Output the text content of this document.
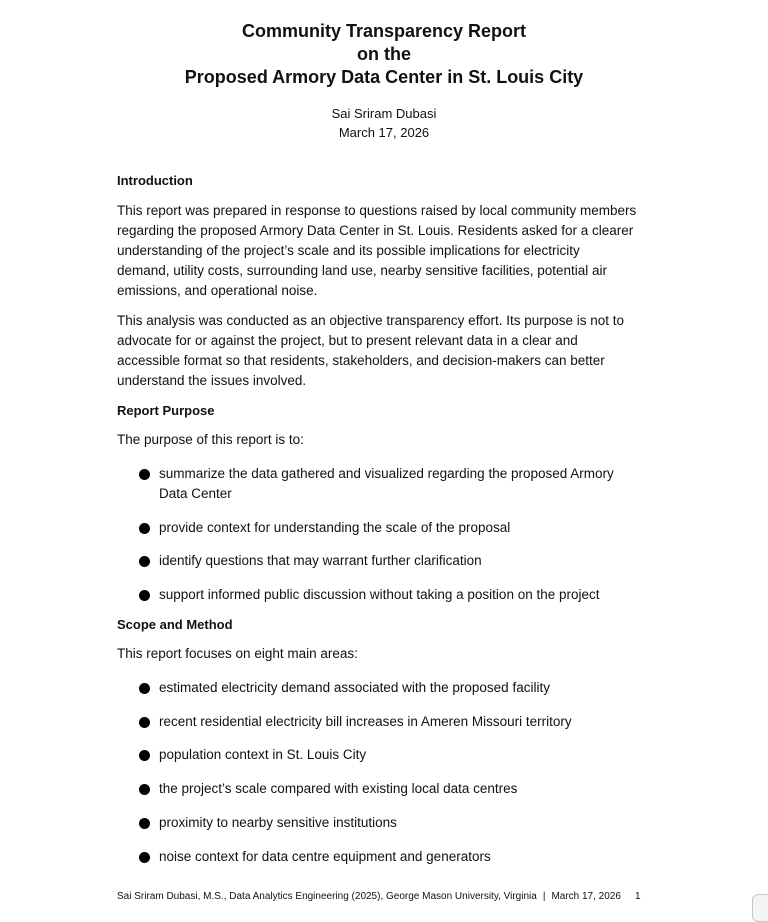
Community Transparency Report
on the
Proposed Armory Data Center in St. Louis City
Sai Sriram Dubasi
March 17, 2026
Introduction
This report was prepared in response to questions raised by local community members
regarding the proposed Armory Data Center in St. Louis. Residents asked for a clearer
understanding of the project’s scale and its possible implications for electricity
demand, utility costs, surrounding land use, nearby sensitive facilities, potential air
emissions, and operational noise.
This analysis was conducted as an objective transparency effort. Its purpose is not to
advocate for or against the project, but to present relevant data in a clear and
accessible format so that residents, stakeholders, and decision-makers can better
understand the issues involved.
Report Purpose
The purpose of this report is to:
summarize the data gathered and visualized regarding the proposed Armory
Data Center
provide context for understanding the scale of the proposal
identify questions that may warrant further clarification
support informed public discussion without taking a position on the project
Scope and Method
This report focuses on eight main areas:
estimated electricity demand associated with the proposed facility
recent residential electricity bill increases in Ameren Missouri territory
population context in St. Louis City
the project’s scale compared with existing local data centres
proximity to nearby sensitive institutions
noise context for data centre equipment and generators
Sai Sriram Dubasi, M.S., Data Analytics Engineering (2025), George Mason University, Virginia | March 17, 2026 1
